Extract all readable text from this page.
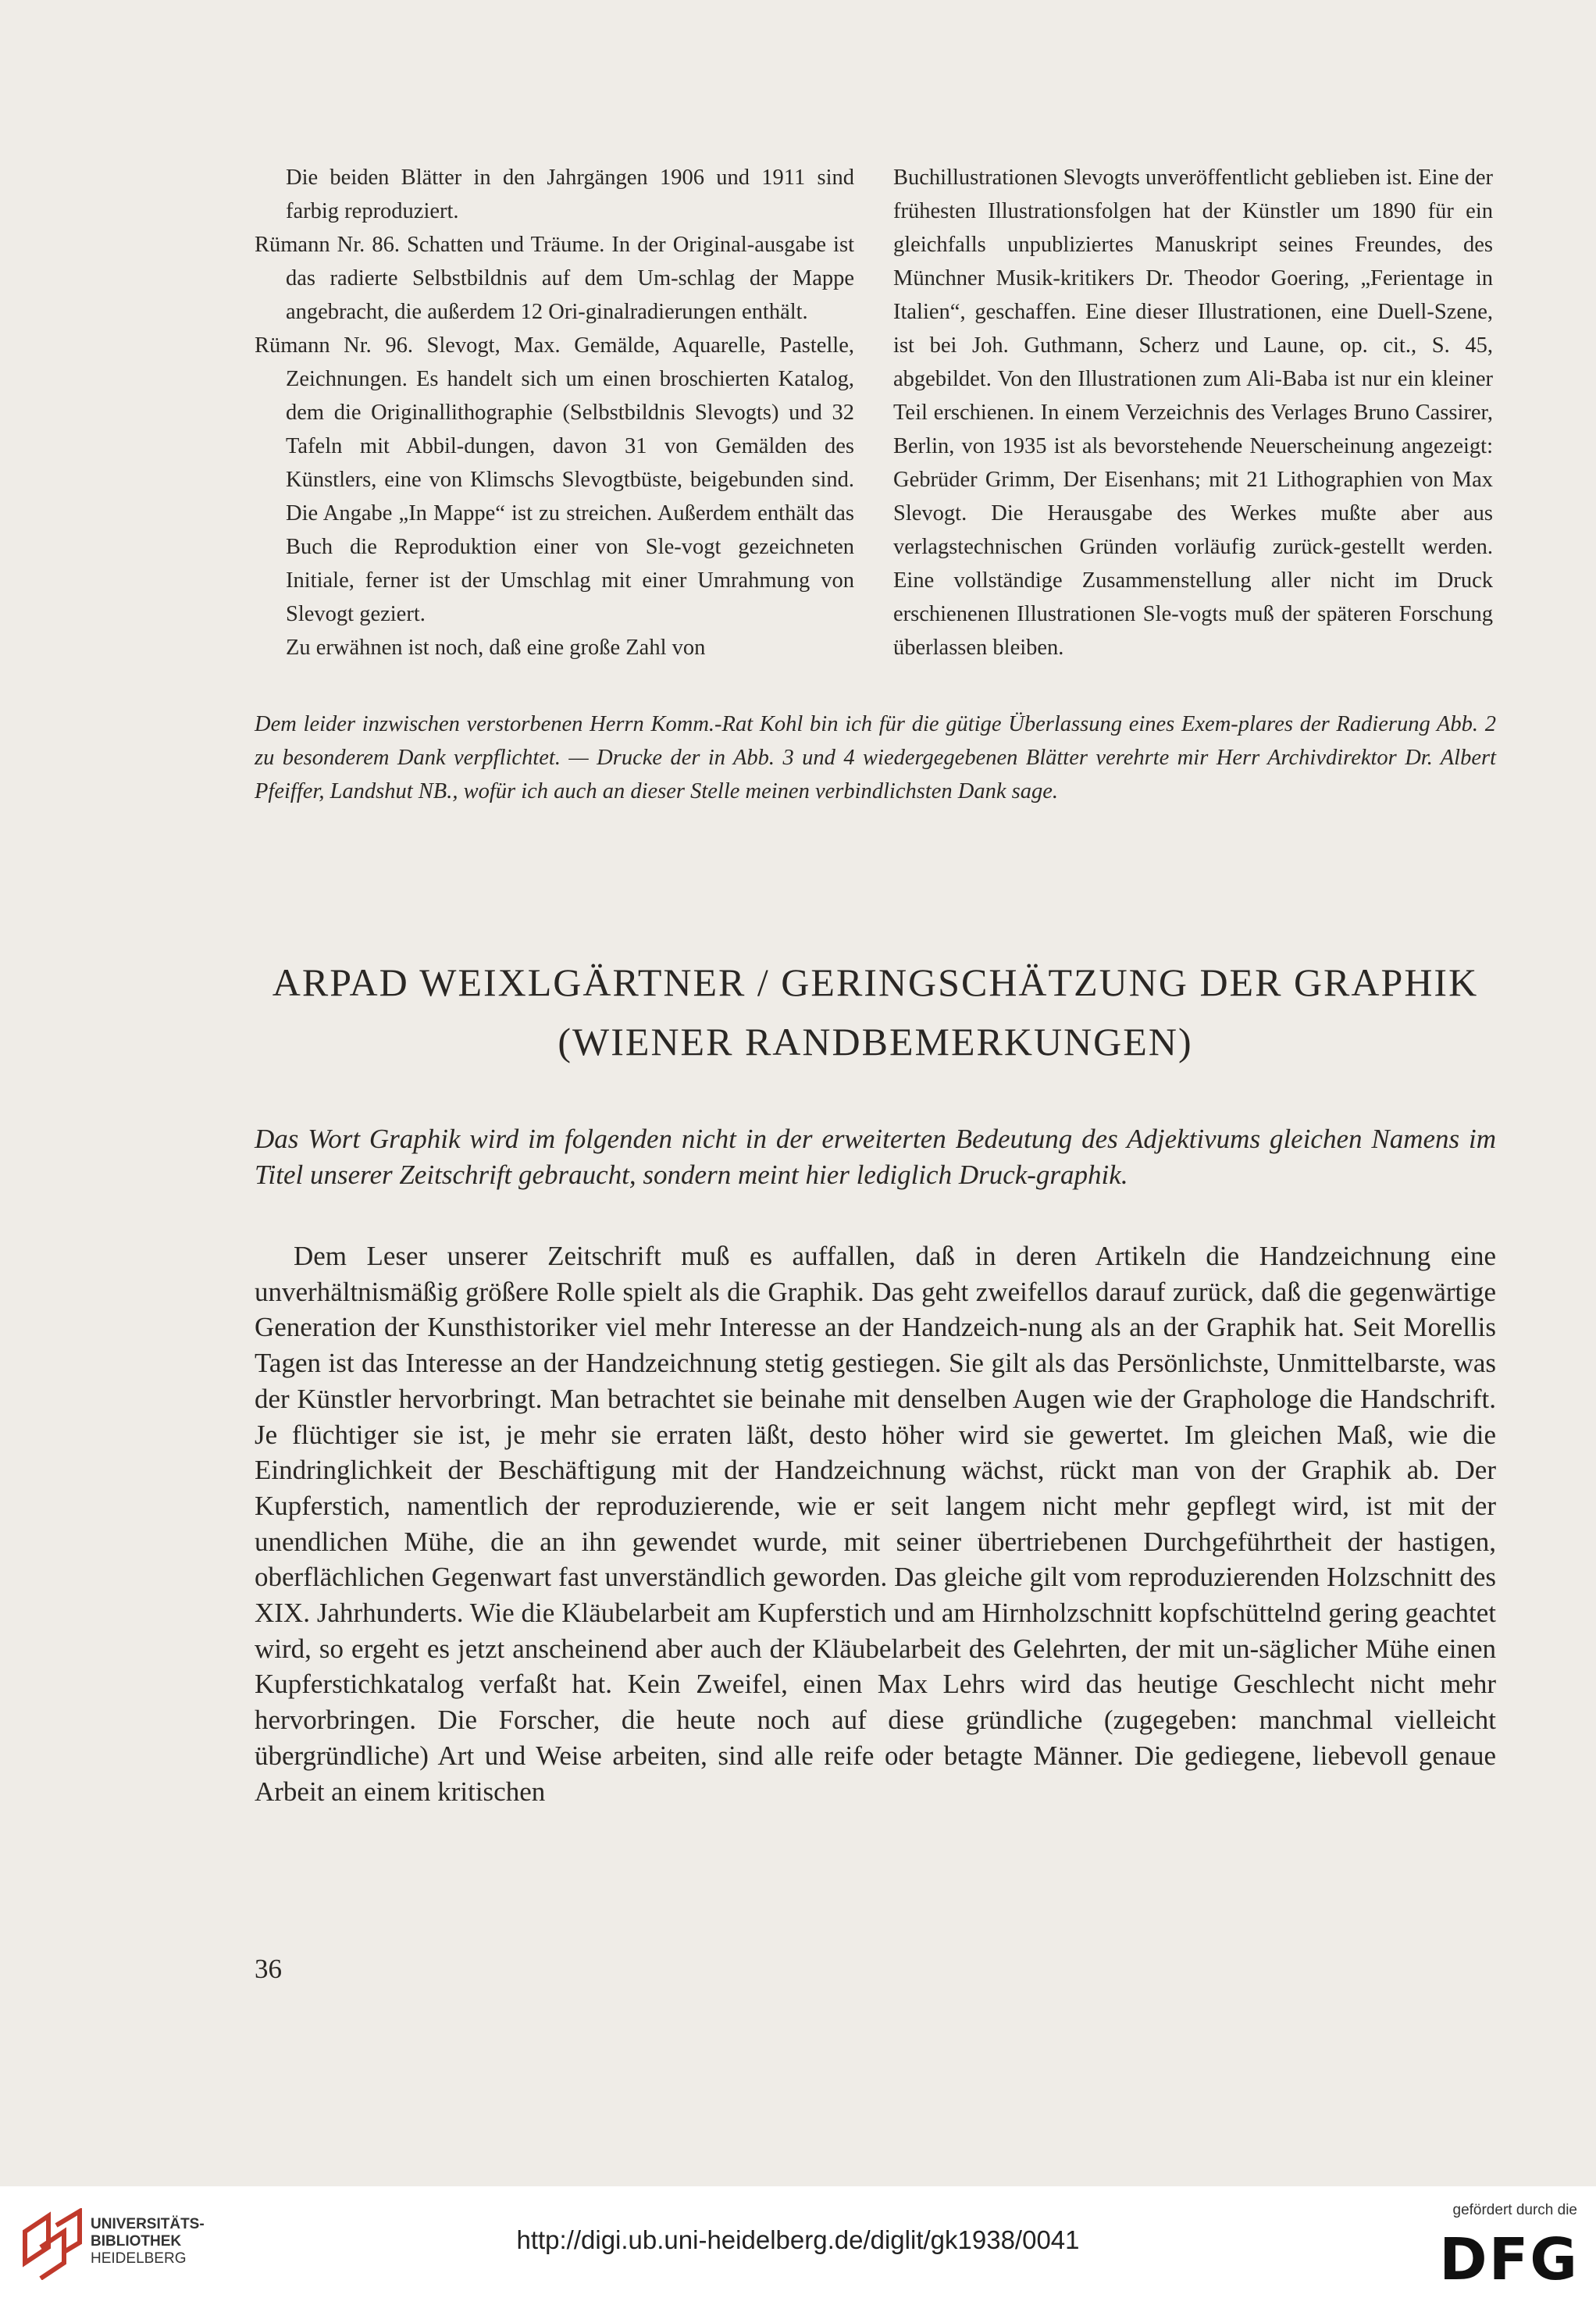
Die beiden Blätter in den Jahrgängen 1906 und 1911 sind farbig reproduziert.
Rümann Nr. 86. Schatten und Träume. In der Original-ausgabe ist das radierte Selbstbildnis auf dem Um-schlag der Mappe angebracht, die außerdem 12 Ori-ginalradierungen enthält.
Rümann Nr. 96. Slevogt, Max. Gemälde, Aquarelle, Pastelle, Zeichnungen. Es handelt sich um einen broschierten Katalog, dem die Originallithographie (Selbstbildnis Slevogts) und 32 Tafeln mit Abbil-dungen, davon 31 von Gemälden des Künstlers, eine von Klimschs Slevogtbüste, beigebunden sind. Die Angabe „In Mappe“ ist zu streichen. Außerdem enthält das Buch die Reproduktion einer von Sle-vogt gezeichneten Initiale, ferner ist der Umschlag mit einer Umrahmung von Slevogt geziert.
Zu erwähnen ist noch, daß eine große Zahl von
Buchillustrationen Slevogts unveröffentlicht geblieben ist. Eine der frühesten Illustrationsfolgen hat der Künstler um 1890 für ein gleichfalls unpubliziertes Manuskript seines Freundes, des Münchner Musik-kritikers Dr. Theodor Goering, „Ferientage in Italien“, geschaffen. Eine dieser Illustrationen, eine Duell-Szene, ist bei Joh. Guthmann, Scherz und Laune, op. cit., S. 45, abgebildet. Von den Illustrationen zum Ali-Baba ist nur ein kleiner Teil erschienen. In einem Verzeichnis des Verlages Bruno Cassirer, Berlin, von 1935 ist als bevorstehende Neuerscheinung angezeigt: Gebrüder Grimm, Der Eisenhans; mit 21 Lithographien von Max Slevogt. Die Herausgabe des Werkes mußte aber aus verlagstechnischen Gründen vorläufig zurück-gestellt werden. Eine vollständige Zusammenstellung aller nicht im Druck erschienenen Illustrationen Sle-vogts muß der späteren Forschung überlassen bleiben.
Dem leider inzwischen verstorbenen Herrn Komm.-Rat Kohl bin ich für die gütige Überlassung eines Exem-plares der Radierung Abb. 2 zu besonderem Dank verpflichtet. — Drucke der in Abb. 3 und 4 wiedergegebenen Blätter verehrte mir Herr Archivdirektor Dr. Albert Pfeiffer, Landshut NB., wofür ich auch an dieser Stelle meinen verbindlichsten Dank sage.
ARPAD WEIXLGÄRTNER / GERINGSCHÄTZUNG DER GRAPHIK
(WIENER RANDBEMERKUNGEN)
Das Wort Graphik wird im folgenden nicht in der erweiterten Bedeutung des Adjektivums gleichen Namens im Titel unserer Zeitschrift gebraucht, sondern meint hier lediglich Druck-graphik.
Dem Leser unserer Zeitschrift muß es auffallen, daß in deren Artikeln die Handzeichnung eine unverhältnismäßig größere Rolle spielt als die Graphik. Das geht zweifellos darauf zurück, daß die gegenwärtige Generation der Kunsthistoriker viel mehr Interesse an der Handzeich-nung als an der Graphik hat. Seit Morellis Tagen ist das Interesse an der Handzeichnung stetig gestiegen. Sie gilt als das Persönlichste, Unmittelbarste, was der Künstler hervorbringt. Man betrachtet sie beinahe mit denselben Augen wie der Graphologe die Handschrift. Je flüchtiger sie ist, je mehr sie erraten läßt, desto höher wird sie gewertet. Im gleichen Maß, wie die Eindringlichkeit der Beschäftigung mit der Handzeichnung wächst, rückt man von der Graphik ab. Der Kupferstich, namentlich der reproduzierende, wie er seit langem nicht mehr gepflegt wird, ist mit der unendlichen Mühe, die an ihn gewendet wurde, mit seiner übertriebenen Durchgeführtheit der hastigen, oberflächlichen Gegenwart fast unverständlich geworden. Das gleiche gilt vom reproduzierenden Holzschnitt des XIX. Jahrhunderts. Wie die Kläubelarbeit am Kupferstich und am Hirnholzschnitt kopfschüttelnd gering geachtet wird, so ergeht es jetzt anscheinend aber auch der Kläubelarbeit des Gelehrten, der mit un-säglicher Mühe einen Kupferstichkatalog verfaßt hat. Kein Zweifel, einen Max Lehrs wird das heutige Geschlecht nicht mehr hervorbringen. Die Forscher, die heute noch auf diese gründliche (zugegeben: manchmal vielleicht übergründliche) Art und Weise arbeiten, sind alle reife oder betagte Männer. Die gediegene, liebevoll genaue Arbeit an einem kritischen
36
UNIVERSITÄTS-
BIBLIOTHEK
HEIDELBERG
http://digi.ub.uni-heidelberg.de/diglit/gk1938/0041
gefördert durch die
DFG
